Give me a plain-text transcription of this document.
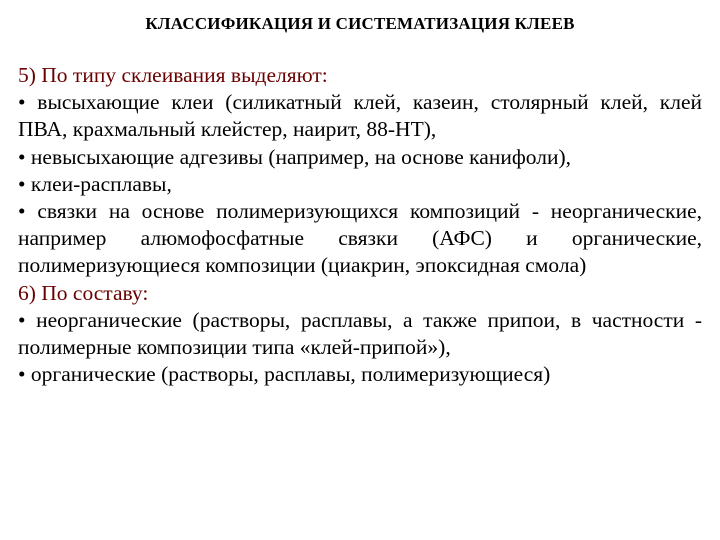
КЛАССИФИКАЦИЯ И СИСТЕМАТИЗАЦИЯ КЛЕЕВ

5) По типу склеивания выделяют:

• высыхающие клеи (силикатный клей, казеин, столярный клей, клей ПВА, крахмальный клейстер, наирит, 88-НТ),

• невысыхающие адгезивы (например, на основе канифоли),

• клеи-расплавы,

• связки на основе полимеризующихся композиций - неорганические, например алюмофосфатные связки (АФС) и органические, полимеризующиеся композиции (циакрин, эпоксидная смола)

6) По составу:

• неорганические (растворы, расплавы, а также припои, в частности - полимерные композиции типа «клей-припой»),

• органические (растворы, расплавы, полимеризующиеся)
